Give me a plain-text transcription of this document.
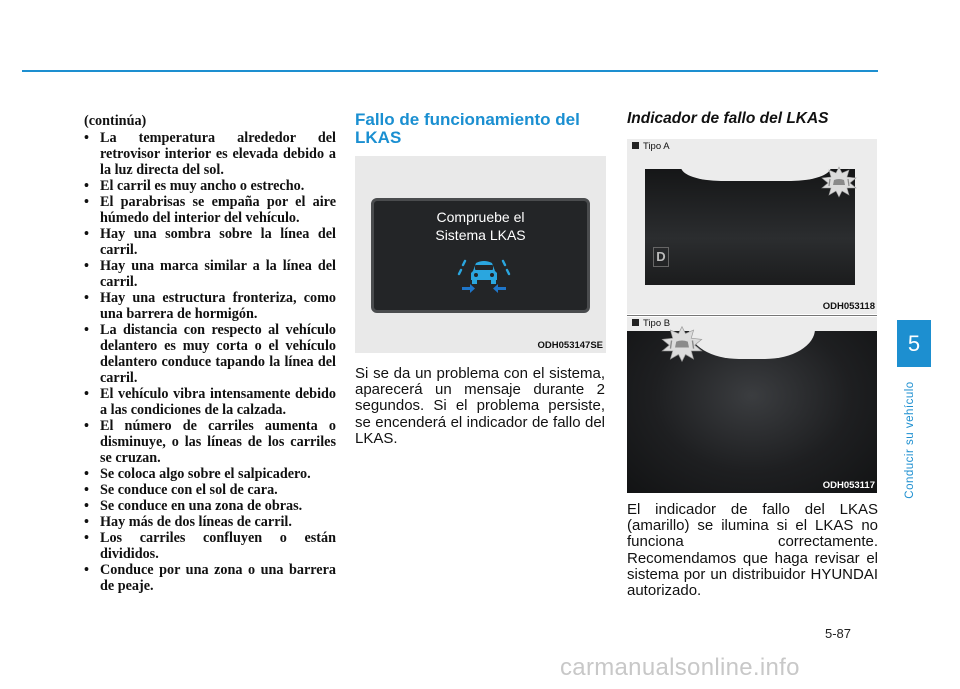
(continúa)
• La temperatura alrededor del retrovisor interior es elevada debido a la luz directa del sol.
• El carril es muy ancho o estrecho.
• El parabrisas se empaña por el aire húmedo del interior del vehículo.
• Hay una sombra sobre la línea del carril.
• Hay una marca similar a la línea del carril.
• Hay una estructura fronteriza, como una barrera de hormigón.
• La distancia con respecto al vehículo delantero es muy corta o el vehículo delantero conduce tapando la línea del carril.
• El vehículo vibra intensamente debido a las condiciones de la calzada.
• El número de carriles aumenta o disminuye, o las líneas de los carriles se cruzan.
• Se coloca algo sobre el salpicadero.
• Se conduce con el sol de cara.
• Se conduce en una zona de obras.
• Hay más de dos líneas de carril.
• Los carriles confluyen o están divididos.
• Conduce por una zona o una barrera de peaje.
Fallo de funcionamiento del LKAS
Compruebe el
Sistema LKAS
ODH053147SE
Si se da un problema con el sistema, aparecerá un mensaje durante 2 segundos. Si el problema persiste, se encenderá el indicador de fallo del LKAS.
Indicador de fallo del LKAS
Tipo A
D
ODH053118
Tipo B
ODH053117
El indicador de fallo del LKAS (amarillo) se ilumina si el LKAS no funciona correctamente. Recomendamos que haga revisar el sistema por un distribuidor HYUNDAI autorizado.
5
Conducir su vehículo
5-87
carmanualsonline.info
